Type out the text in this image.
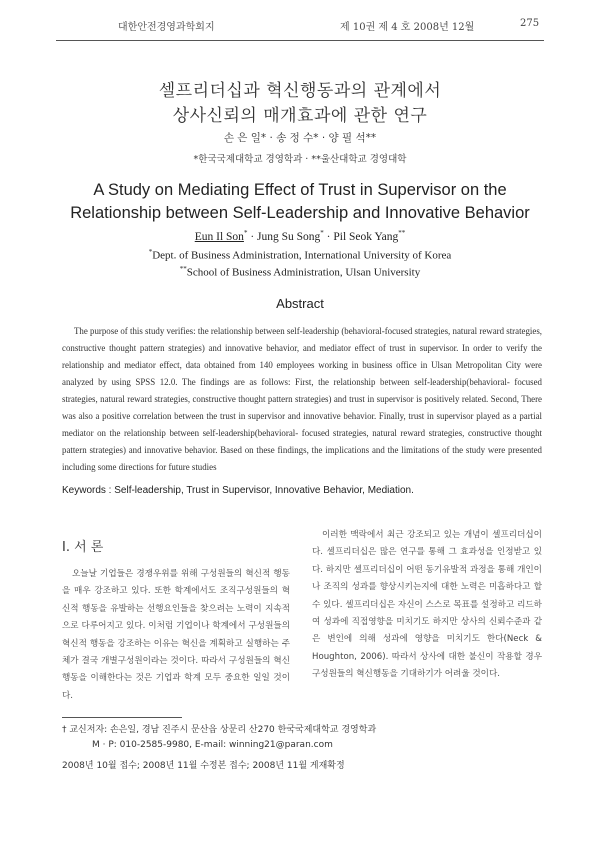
대한안전경영과학회지	제 10권 제 4 호 2008년 12월	275
셀프리더십과 혁신행동과의 관계에서
상사신뢰의 매개효과에 관한 연구
손 은 일* · 송 정 수* · 양 필 석**
*한국국제대학교 경영학과 · **울산대학교 경영대학
A Study on Mediating Effect of Trust in Supervisor on the
Relationship between Self-Leadership and Innovative Behavior
Eun Il Son* · Jung Su Song* · Pil Seok Yang**
*Dept. of Business Administration, International University of Korea
**School of Business Administration, Ulsan University
Abstract
The purpose of this study verifies: the relationship between self-leadership (behavioral-focused strategies, natural reward strategies, constructive thought pattern strategies) and innovative behavior, and mediator effect of trust in supervisor. In order to verify the relationship and mediator effect, data obtained from 140 employees working in business office in Ulsan Metropolitan City were analyzed by using SPSS 12.0. The findings are as follows: First, the relationship between self-leadership(behavioral- focused strategies, natural reward strategies, constructive thought pattern strategies) and trust in supervisor is positively related. Second, There was also a positive correlation between the trust in supervisor and innovative behavior. Finally, trust in supervisor played as a partial mediator on the relationship between self-leadership(behavioral- focused strategies, natural reward strategies, constructive thought pattern strategies) and innovative behavior. Based on these findings, the implications and the limitations of the study were presented including some directions for future studies
Keywords : Self-leadership, Trust in Supervisor, Innovative Behavior, Mediation.
Ⅰ. 서 론
오늘날 기업들은 경쟁우위를 위해 구성원들의 혁신적 행동을 매우 강조하고 있다. 또한 학계에서도 조직구성원들의 혁신적 행동을 유발하는 선행요인들을 찾으려는 노력이 지속적으로 다루어지고 있다. 이처럼 기업이나 학계에서 구성원들의 혁신적 행동을 강조하는 이유는 혁신을 계획하고 실행하는 주체가 결국 개별구성원이라는 것이다. 따라서 구성원들의 혁신행동을 이해한다는 것은 기업과 학계 모두 중요한 일일 것이다.
이러한 맥락에서 최근 강조되고 있는 개념이 셀프리더십이다. 셀프리더십은 많은 연구를 통해 그 효과성을 인정받고 있다. 하지만 셀프리더십이 어떤 동기유발적 과정을 통해 개인이나 조직의 성과를 향상시키는지에 대한 노력은 미흡하다고 할 수 있다. 셀프리더십은 자신이 스스로 목표를 설정하고 리드하여 성과에 직접영향을 미치기도 하지만 상사의 신뢰수준과 같은 변인에 의해 성과에 영향을 미치기도 한다(Neck & Houghton, 2006). 따라서 상사에 대한 불신이 작용할 경우 구성원들의 혁신행동을 기대하기가 어려울 것이다.
† 교신저자: 손은일, 경남 진주시 문산읍 상문리 산270 한국국제대학교 경영학과
M · P: 010-2585-9980, E-mail: winning21@paran.com
2008년 10월 접수; 2008년 11월 수정본 접수; 2008년 11월 게재확정
